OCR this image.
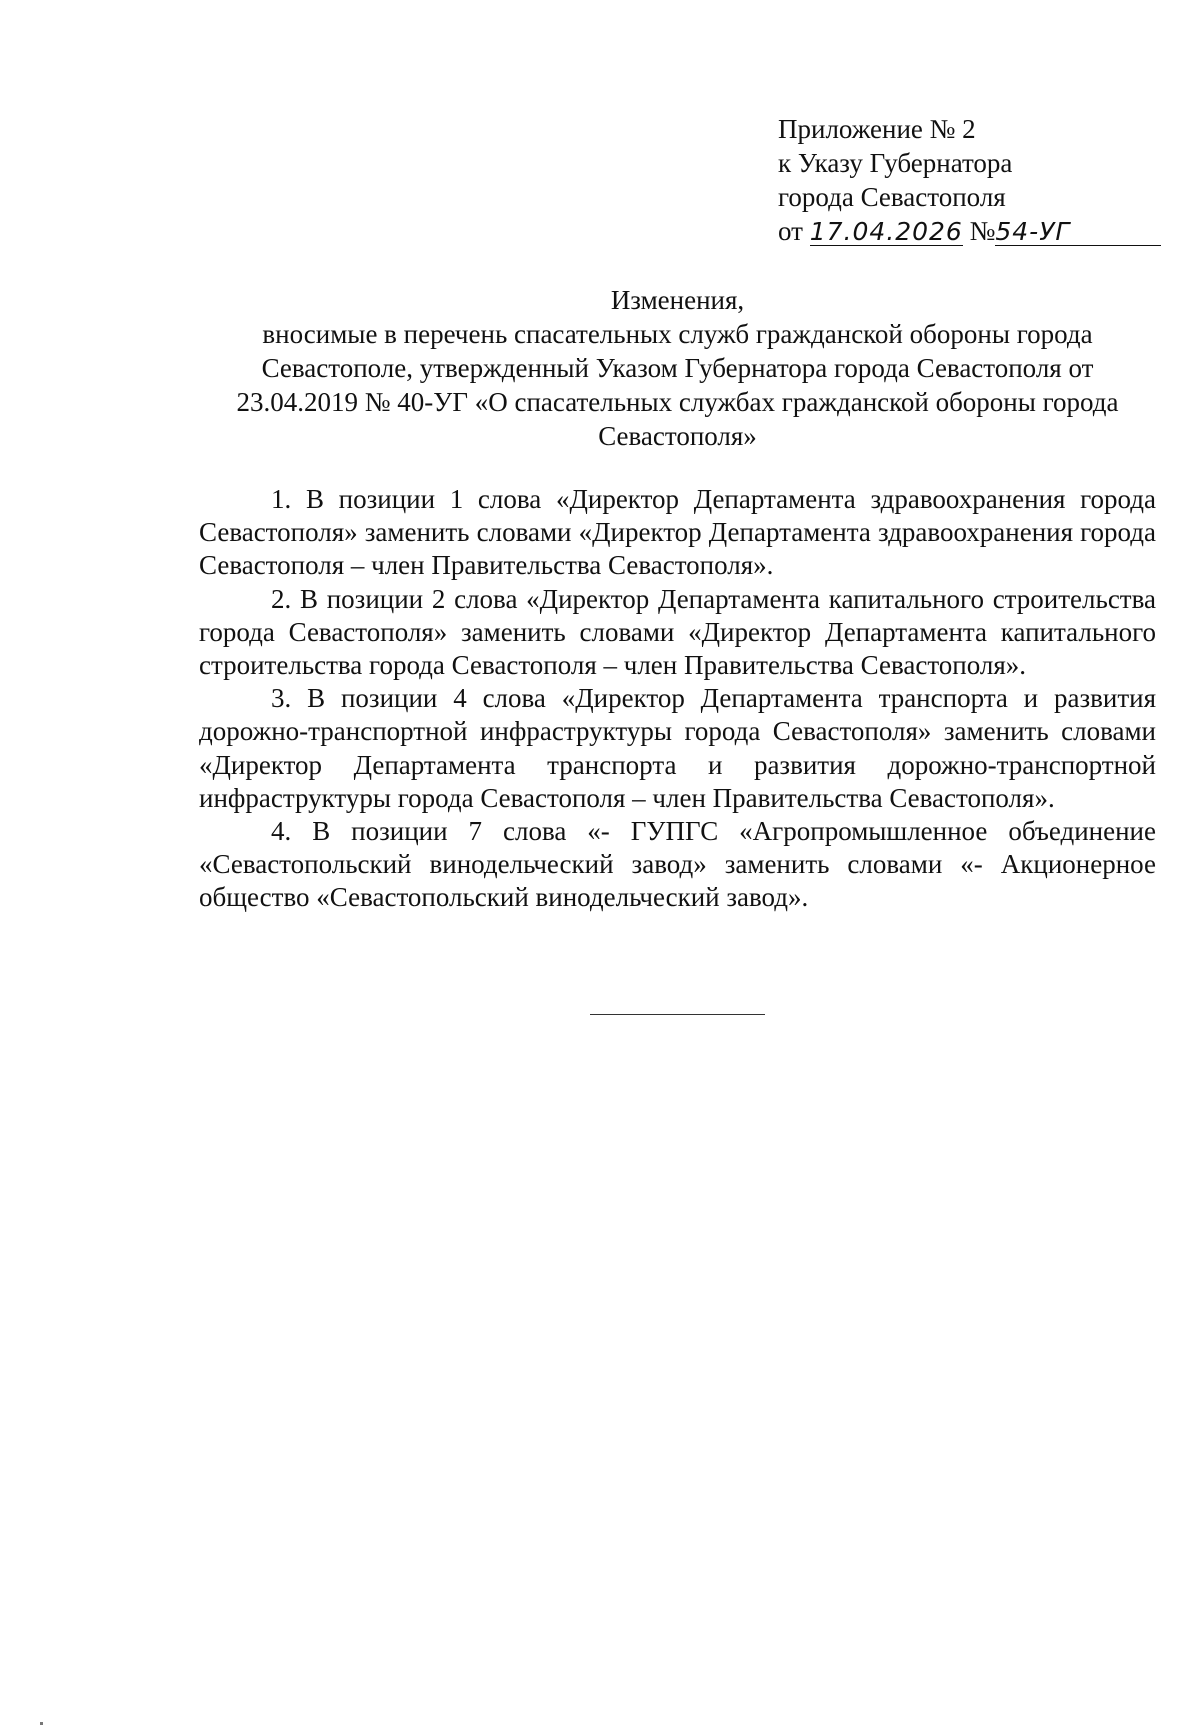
Приложение № 2
к Указу Губернатора
города Севастополя
от 17.04.2026 №54-УГ
Изменения,
вносимые в перечень спасательных служб гражданской обороны города Севастополе, утвержденный Указом Губернатора города Севастополя от 23.04.2019 № 40-УГ «О спасательных службах гражданской обороны города Севастополя»

1. В позиции 1 слова «Директор Департамента здравоохранения города Севастополя» заменить словами «Директор Департамента здравоохранения города Севастополя – член Правительства Севастополя».

2. В позиции 2 слова «Директор Департамента капитального строительства города Севастополя» заменить словами «Директор Департамента капитального строительства города Севастополя – член Правительства Севастополя».

3. В позиции 4 слова «Директор Департамента транспорта и развития дорожно-транспортной инфраструктуры города Севастополя» заменить словами «Директор Департамента транспорта и развития дорожно-транспортной инфраструктуры города Севастополя – член Правительства Севастополя».

4. В позиции 7 слова «- ГУПГС «Агропромышленное объединение «Севастопольский винодельческий завод» заменить словами «- Акционерное общество «Севастопольский винодельческий завод».
